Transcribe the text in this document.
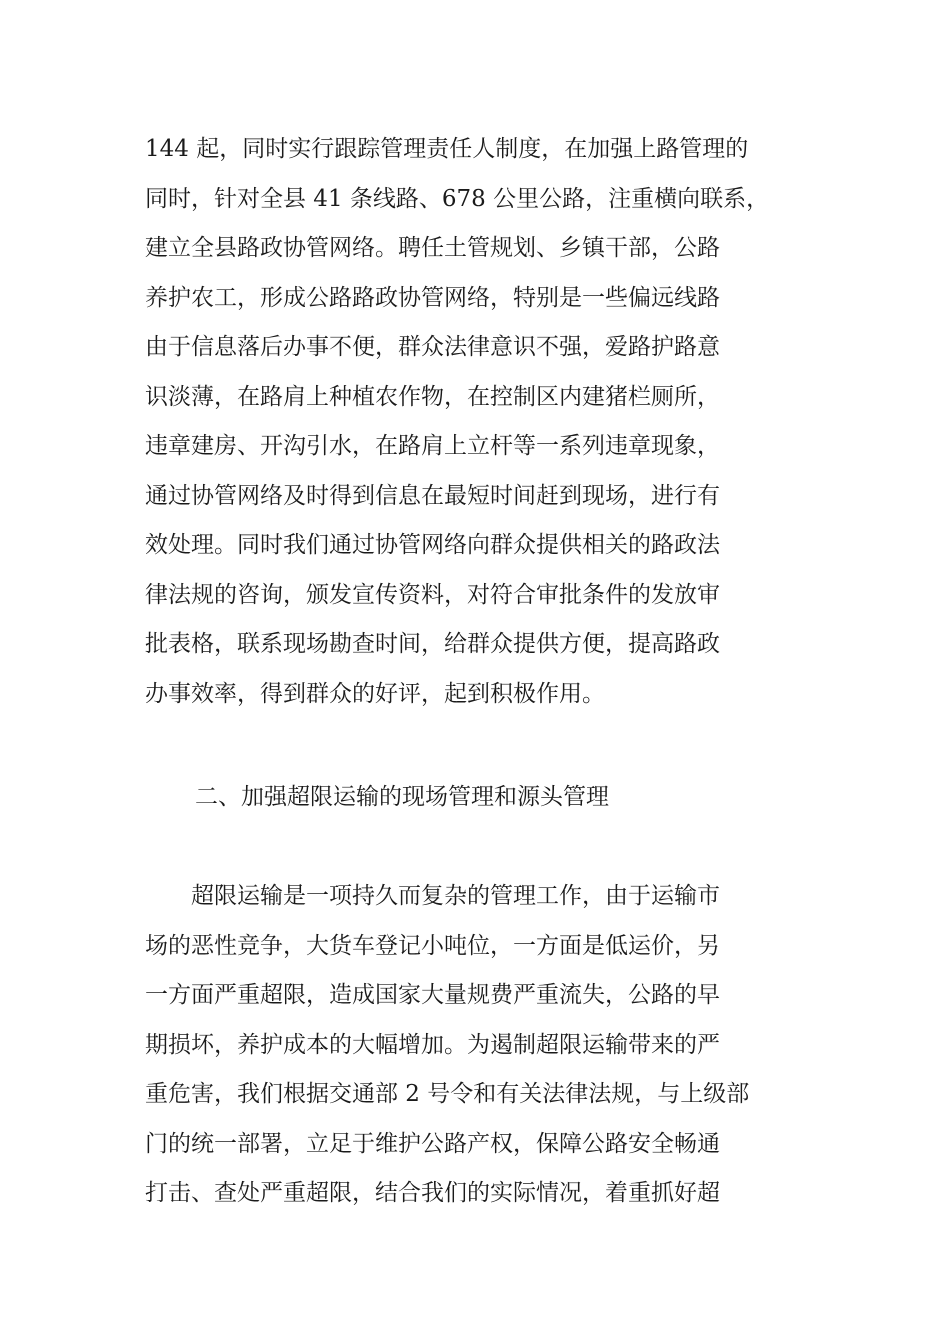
144 起，同时实行跟踪管理责任人制度，在加强上路管理的
同时，针对全县 41 条线路、678 公里公路，注重横向联系，
建立全县路政协管网络。聘任土管规划、乡镇干部，公路
养护农工，形成公路路政协管网络，特别是一些偏远线路
由于信息落后办事不便，群众法律意识不强，爱路护路意
识淡薄，在路肩上种植农作物，在控制区内建猪栏厕所，
违章建房、开沟引水，在路肩上立杆等一系列违章现象，
通过协管网络及时得到信息在最短时间赶到现场，进行有
效处理。同时我们通过协管网络向群众提供相关的路政法
律法规的咨询，颁发宣传资料，对符合审批条件的发放审
批表格，联系现场勘查时间，给群众提供方便，提高路政
办事效率，得到群众的好评，起到积极作用。
二、加强超限运输的现场管理和源头管理
　　超限运输是一项持久而复杂的管理工作，由于运输市
场的恶性竞争，大货车登记小吨位，一方面是低运价，另
一方面严重超限，造成国家大量规费严重流失，公路的早
期损坏，养护成本的大幅增加。为遏制超限运输带来的严
重危害，我们根据交通部 2 号令和有关法律法规，与上级部
门的统一部署，立足于维护公路产权，保障公路安全畅通
打击、查处严重超限，结合我们的实际情况，着重抓好超
